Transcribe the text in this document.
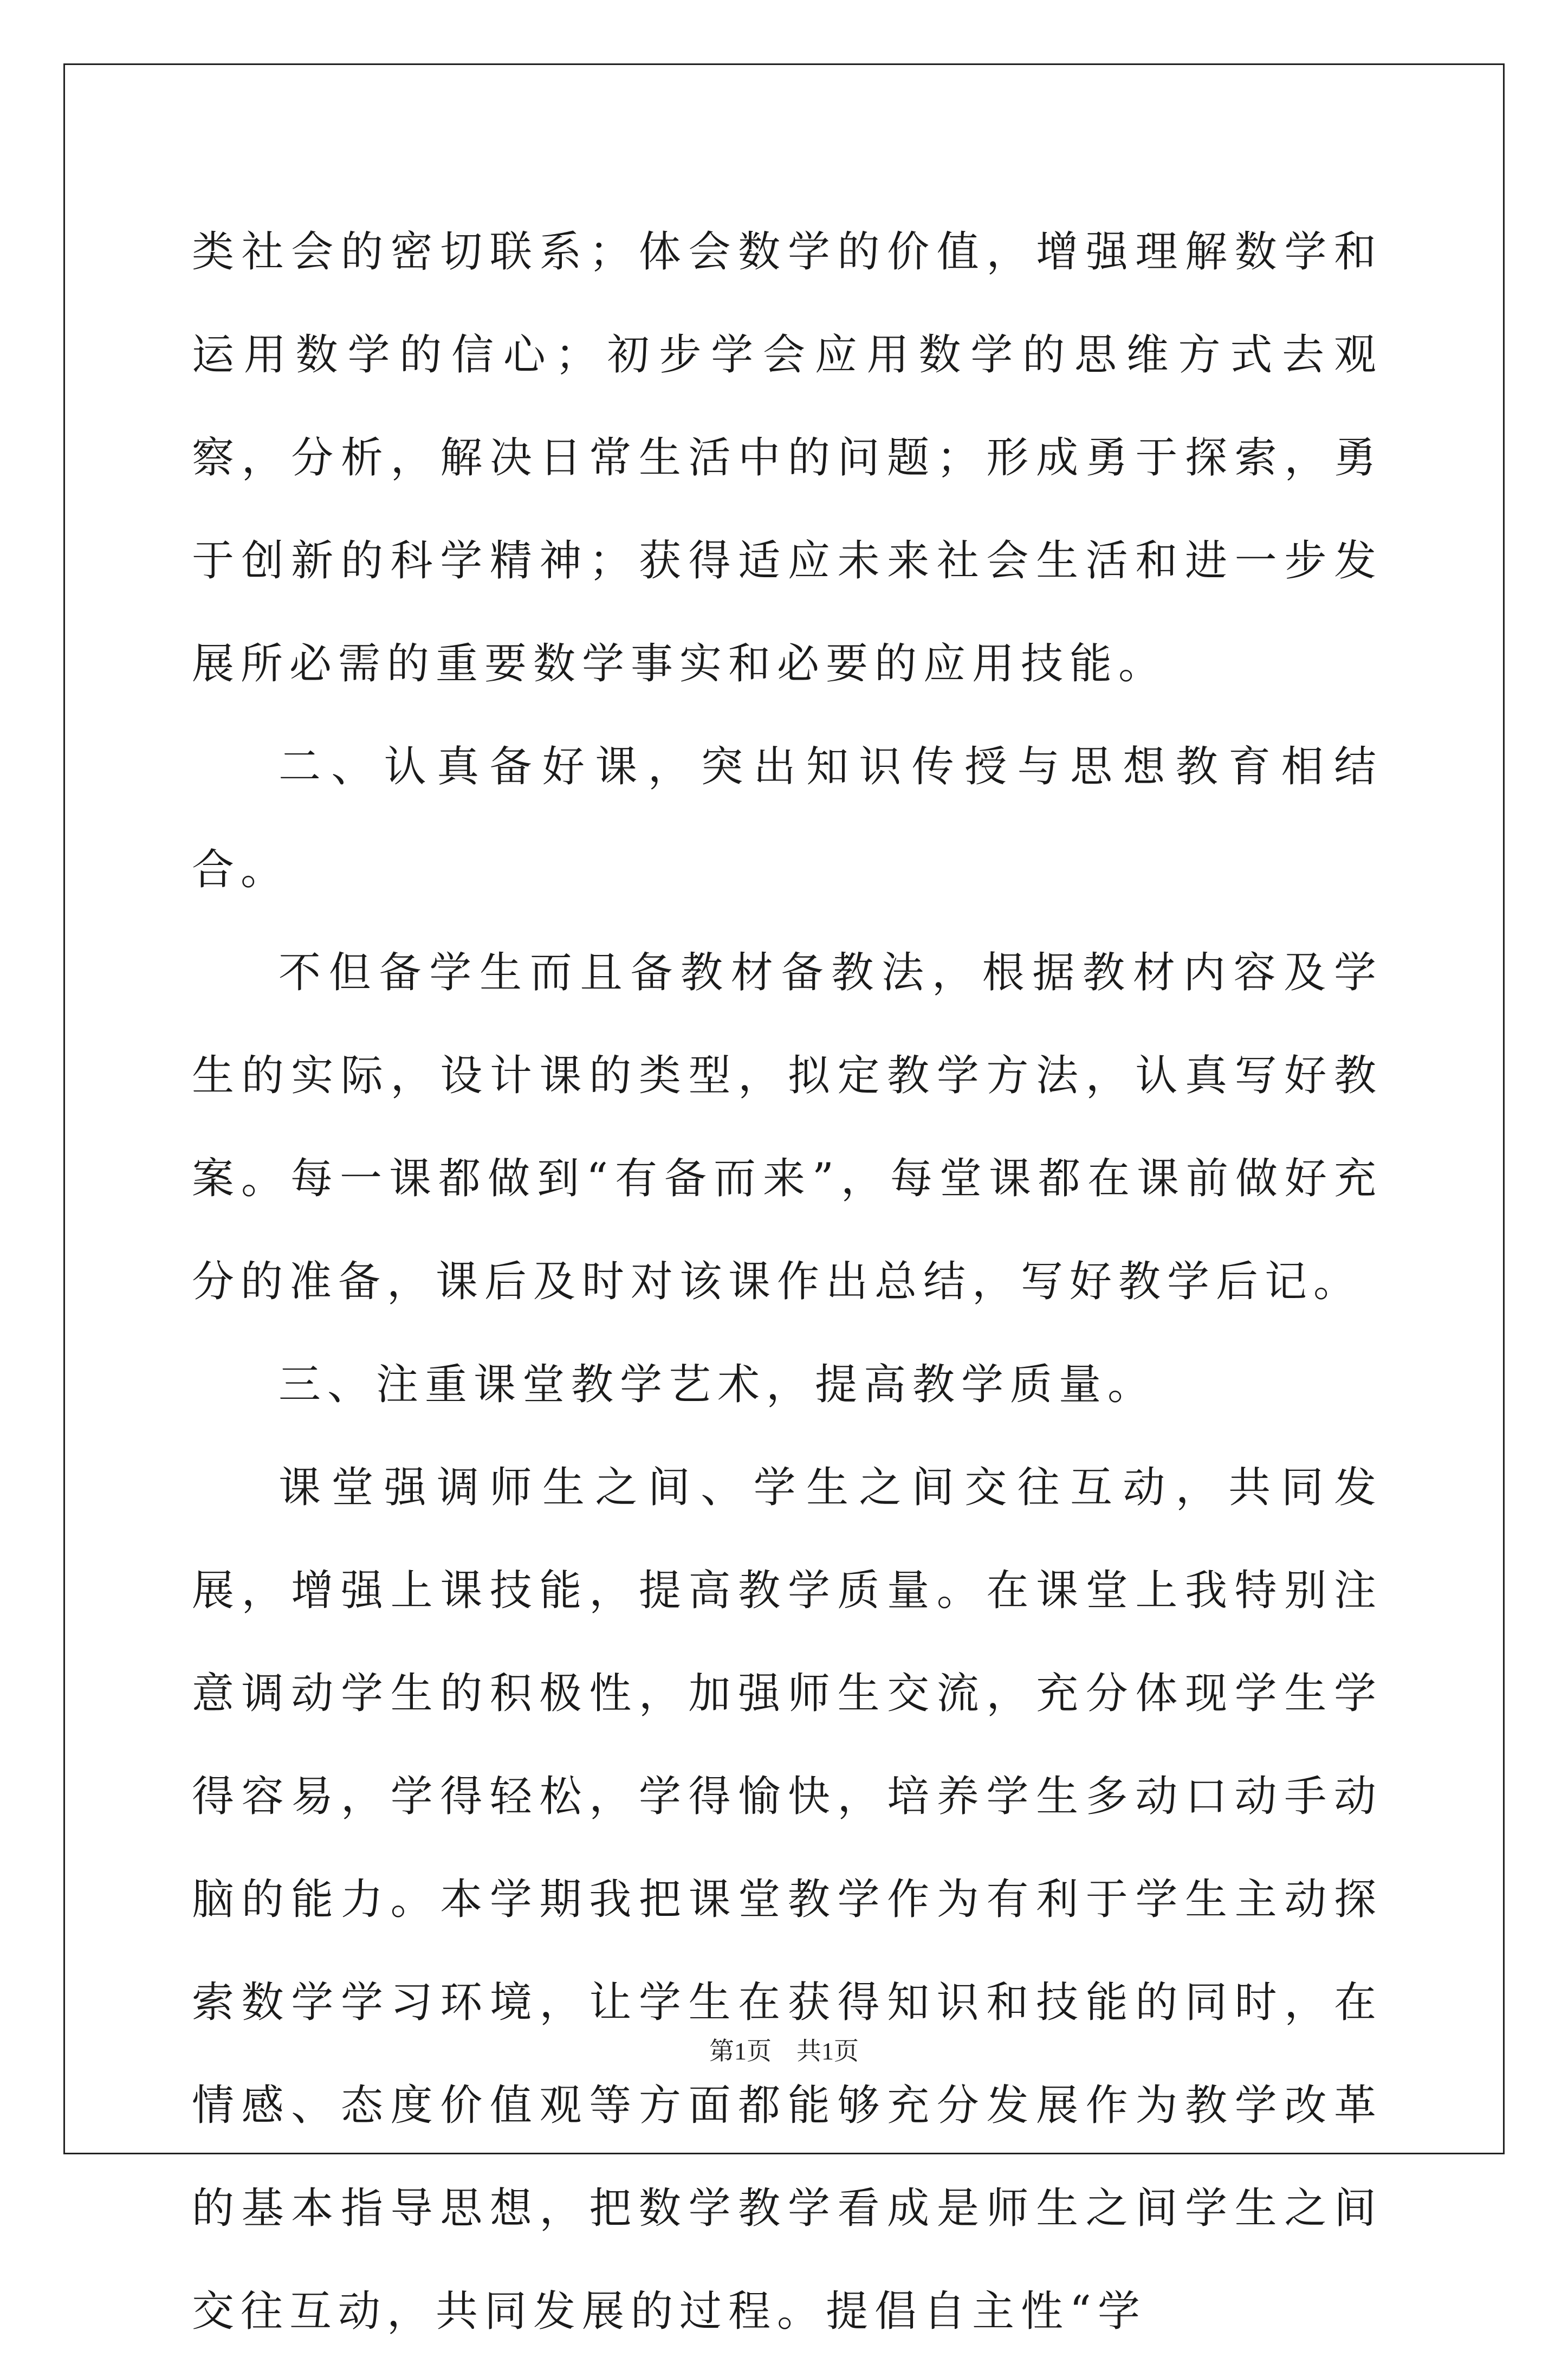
类社会的密切联系；体会数学的价值，增强理解数学和运用数学的信心；初步学会应用数学的思维方式去观察，分析，解决日常生活中的问题；形成勇于探索，勇于创新的科学精神；获得适应未来社会生活和进一步发展所必需的重要数学事实和必要的应用技能。

二、认真备好课，突出知识传授与思想教育相结合。

不但备学生而且备教材备教法，根据教材内容及学生的实际，设计课的类型，拟定教学方法，认真写好教案。每一课都做到“有备而来”，每堂课都在课前做好充分的准备，课后及时对该课作出总结，写好教学后记。

三、注重课堂教学艺术，提高教学质量。

课堂强调师生之间、学生之间交往互动，共同发展，增强上课技能，提高教学质量。在课堂上我特别注意调动学生的积极性，加强师生交流，充分体现学生学得容易，学得轻松，学得愉快，培养学生多动口动手动脑的能力。本学期我把课堂教学作为有利于学生主动探索数学学习环境，让学生在获得知识和技能的同时，在情感、态度价值观等方面都能够充分发展作为教学改革的基本指导思想，把数学教学看成是师生之间学生之间交往互动，共同发展的过程。提倡自主性“学

第1页 共1页
